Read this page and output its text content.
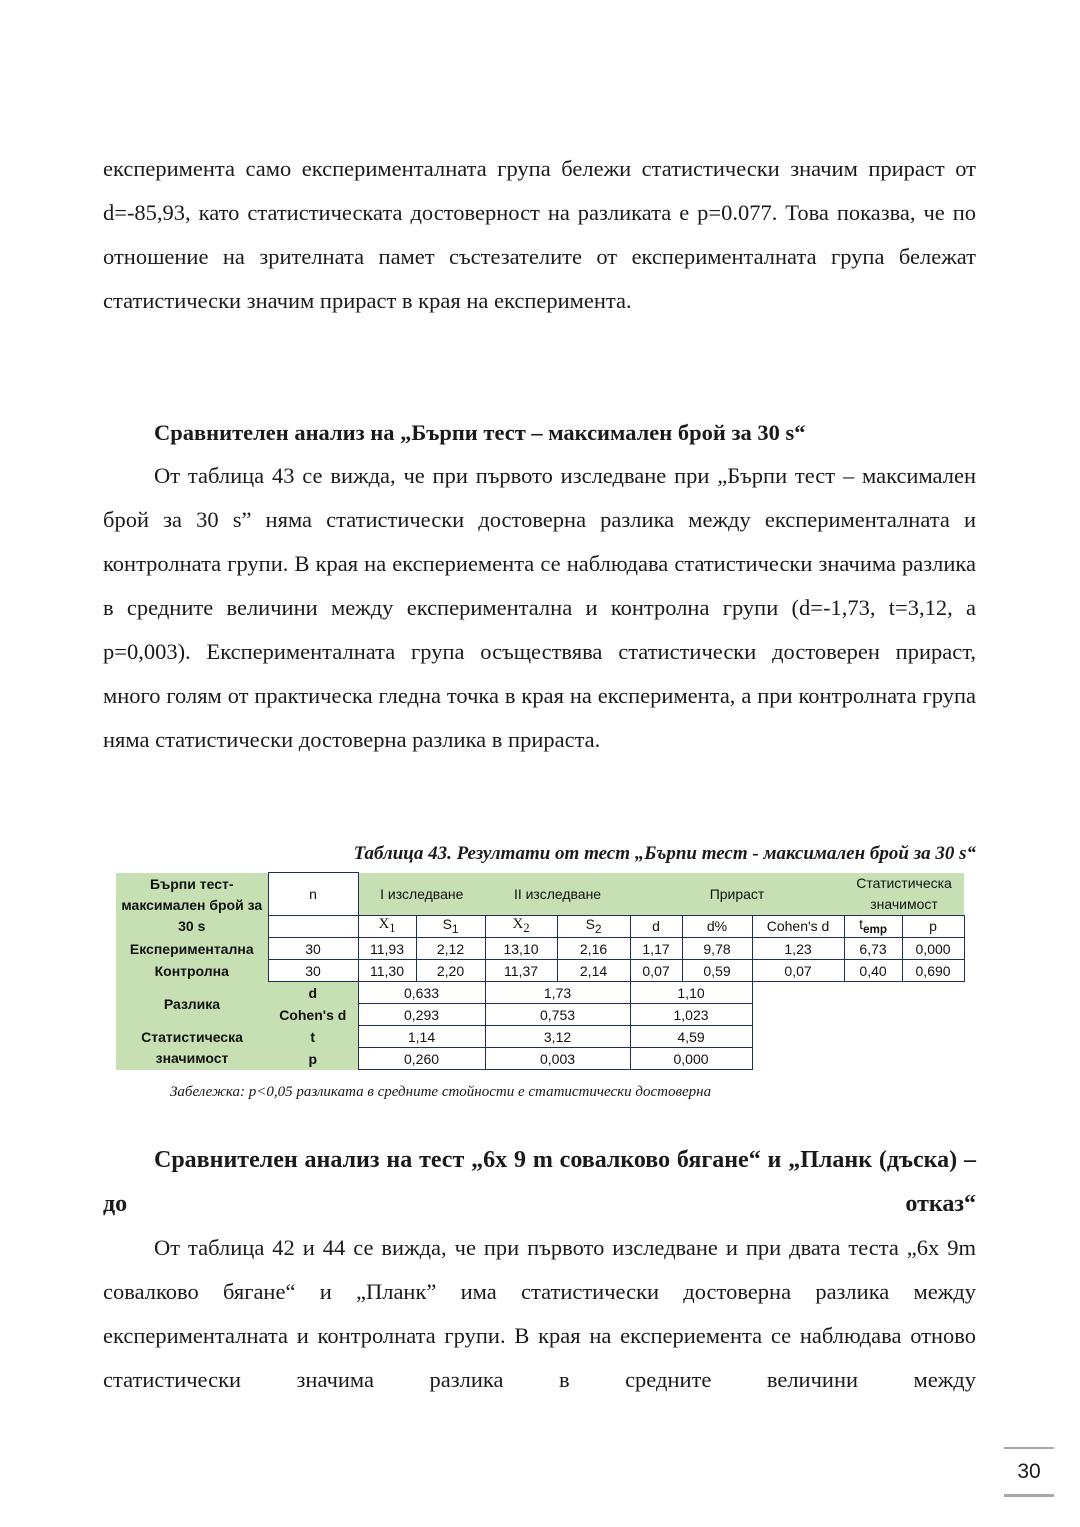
експеримента само експерименталната група бележи статистически значим прираст от d=-85,93, като статистическата достоверност на разликата е p=0.077. Това показва, че по отношение на зрителната памет състезателите от експерименталната група бележат статистически значим прираст в края на експеримента.

Сравнителен анализ на „Бърпи тест – максимален брой за 30 s“

От таблица 43 се вижда, че при първото изследване при „Бърпи тест – максимален брой за 30 s” няма статистически достоверна разлика между експерименталната и контролната групи. В края на експериемента се наблюдава статистически значима разлика в средните величини между експериментална и контролна групи (d=-1,73, t=3,12, а p=0,003). Експерименталната група осъществява статистически достоверен прираст, много голям от практическа гледна точка в края на експеримента, а при контролната група няма статистически достоверна разлика в прираста.

Таблица 43. Резултати от тест „Бърпи тест - максимален брой за 30 s“
Бърпи тест-максимален брой за 30 s	n	I изследване		II изследване		Прираст			Статистическа значимост	

		$\overline{X}_1$	$S_1$	$\overline{X}_2$	$S_2$	d	d%	Cohen's d	$t_{emp}$	p
Експериментална	30	11,93	2,12	13,10	2,16	1,17	9,78	1,23	6,73	0,000
Контролна	30	11,30	2,20	11,37	2,14	0,07	0,59	0,07	0,40	0,690
Разлика	d	0,633		1,73		1,10				
	Cohen's d	0,293		0,753		1,023				
Статистическа значимост	t	1,14		3,12		4,59				
	p	0,260		0,003		0,000				
Забележка: p<0,05 разликата в средните стойности е статистически достоверна
Сравнителен анализ на тест „6х 9 m совалково бягане“ и „Планк (дъска) – до отказ“

От таблица 42 и 44 се вижда, че при първото изследване и при двата теста „6х 9m совалково бягане“ и „Планк” има статистически достоверна разлика между експерименталната и контролната групи. В края на експериемента се наблюдава отново статистически значима разлика в средните величини между

30
